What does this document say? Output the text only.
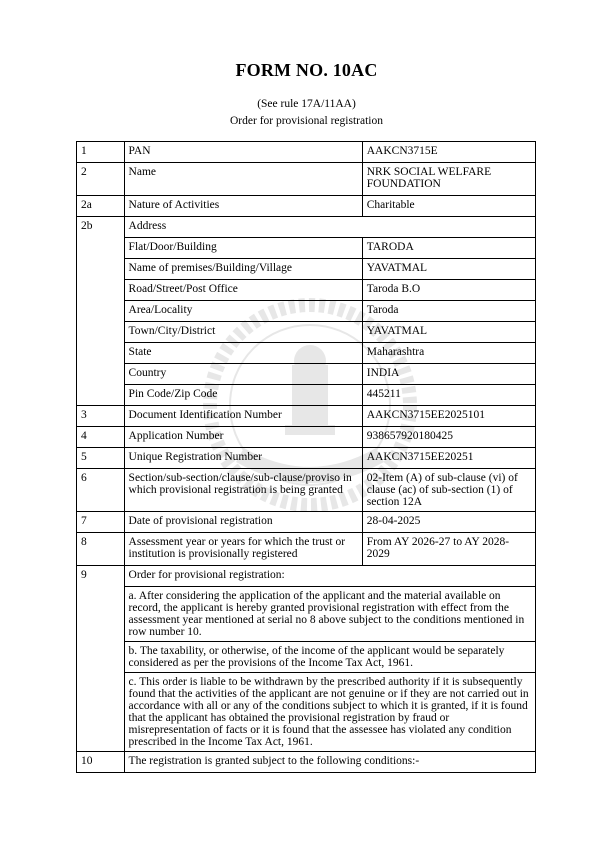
FORM NO. 10AC
(See rule 17A/11AA)
Order for provisional registration
1	PAN	AAKCN3715E
2	Name	NRK SOCIAL WELFARE FOUNDATION
2a	Nature of Activities	Charitable
2b	Address	
	Flat/Door/Building	TARODA
	Name of premises/Building/Village	YAVATMAL
	Road/Street/Post Office	Taroda B.O
	Area/Locality	Taroda
	Town/City/District	YAVATMAL
	State	Maharashtra
	Country	INDIA
	Pin Code/Zip Code	445211
3	Document Identification Number	AAKCN3715EE2025101
4	Application Number	938657920180425
5	Unique Registration Number	AAKCN3715EE20251
6	Section/sub-section/clause/sub-clause/proviso in which provisional registration is being granted	02-Item (A) of sub-clause (vi) of clause (ac) of sub-section (1) of section 12A
7	Date of provisional registration	28-04-2025
8	Assessment year or years for which the trust or institution is provisionally registered	From AY 2026-27 to AY 2028-2029
9	Order for provisional registration:	
	a. After considering the application of the applicant and the material available on record, the applicant is hereby granted provisional registration with effect from the assessment year mentioned at serial no 8 above subject to the conditions mentioned in row number 10.	
	b. The taxability, or otherwise, of the income of the applicant would be separately considered as per the provisions of the Income Tax Act, 1961.	
	c. This order is liable to be withdrawn by the prescribed authority if it is subsequently found that the activities of the applicant are not genuine or if they are not carried out in accordance with all or any of the conditions subject to which it is granted, if it is found that the applicant has obtained the provisional registration by fraud or misrepresentation of facts or it is found that the assessee has violated any condition prescribed in the Income Tax Act, 1961.	
10	The registration is granted subject to the following conditions:-	
